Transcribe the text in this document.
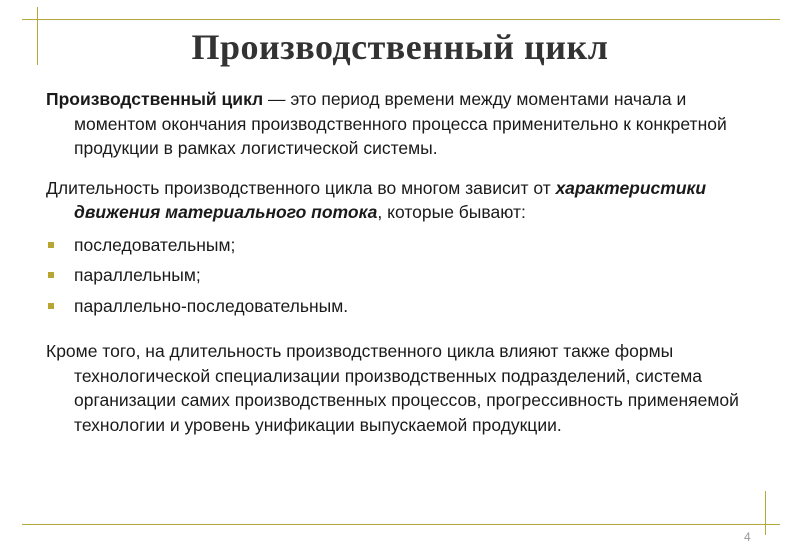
Производственный цикл

Производственный цикл — это период времени между моментами начала и моментом окончания производственного процесса применительно к конкретной продукции в рамках логистической системы.

Длительность производственного цикла во многом зависит от характеристики движения материального потока, которые бывают:

последовательным;
параллельным;
параллельно-последовательным.

Кроме того, на длительность производственного цикла влияют также формы технологической специализации производственных подразделений, система организации самих производственных процессов, прогрессивность применяемой технологии и уровень унификации выпускаемой продукции.

4
